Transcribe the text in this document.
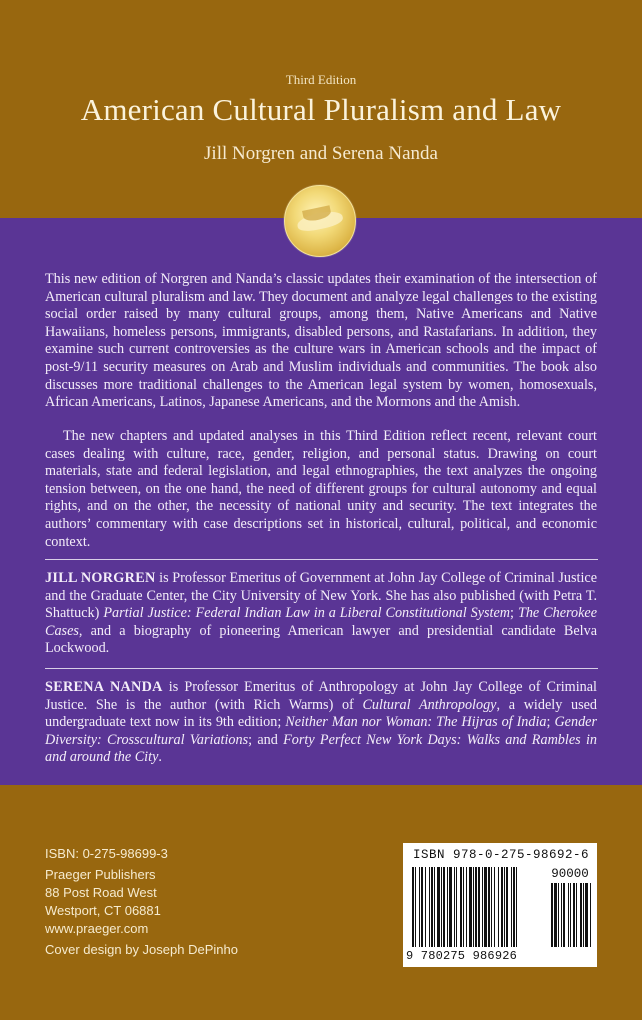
Third Edition
American Cultural Pluralism and Law
Jill Norgren and Serena Nanda

This new edition of Norgren and Nanda’s classic updates their examination of the intersection of American cultural pluralism and law. They document and analyze legal challenges to the existing social order raised by many cultural groups, among them, Native Americans and Native Hawaiians, homeless persons, immigrants, disabled persons, and Rastafarians. In addition, they examine such current controversies as the culture wars in American schools and the impact of post-9/11 security measures on Arab and Muslim individuals and communities. The book also discusses more traditional challenges to the American legal system by women, homosexuals, African Americans, Latinos, Japanese Americans, and the Mormons and the Amish.

The new chapters and updated analyses in this Third Edition reflect recent, relevant court cases dealing with culture, race, gender, religion, and personal status. Drawing on court materials, state and federal legislation, and legal ethnographies, the text analyzes the ongoing tension between, on the one hand, the need of different groups for cultural autonomy and equal rights, and on the other, the necessity of national unity and security. The text integrates the authors’ commentary with case descriptions set in historical, cultural, political, and economic context.

JILL NORGREN is Professor Emeritus of Government at John Jay College of Criminal Justice and the Graduate Center, the City University of New York. She has also published (with Petra T. Shattuck) Partial Justice: Federal Indian Law in a Liberal Constitutional System; The Cherokee Cases, and a biography of pioneering American lawyer and presidential candidate Belva Lockwood.

SERENA NANDA is Professor Emeritus of Anthropology at John Jay College of Criminal Justice. She is the author (with Rich Warms) of Cultural Anthropology, a widely used undergraduate text now in its 9th edition; Neither Man nor Woman: The Hijras of India; Gender Diversity: Crosscultural Variations; and Forty Perfect New York Days: Walks and Rambles in and around the City.

ISBN: 0-275-98699-3
Praeger Publishers
88 Post Road West
Westport, CT 06881
www.praeger.com
Cover design by Joseph DePinho
ISBN 978-0-275-98692-6
90000
9 780275 986926
